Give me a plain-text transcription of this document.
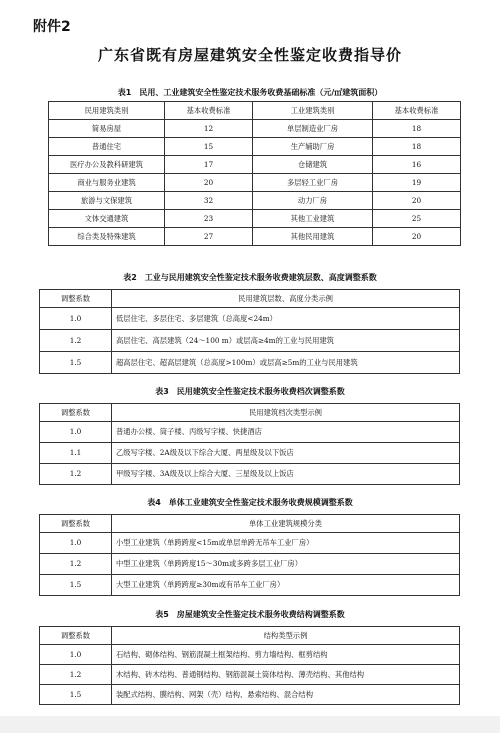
附件2
广东省既有房屋建筑安全性鉴定收费指导价
表1　民用、工业建筑安全性鉴定技术服务收费基础标准（元/㎡建筑面积）
民用建筑类别	基本收费标准	工业建筑类别	基本收费标准
简易房屋	12	单层制造业厂房	18
普通住宅	15	生产辅助厂房	18
医疗办公及教科研建筑	17	仓储建筑	16
商业与服务业建筑	20	多层轻工业厂房	19
旅游与文保建筑	32	动力厂房	20
文体交通建筑	23	其他工业建筑	25
综合类及特殊建筑	27	其他民用建筑	20
表2　工业与民用建筑安全性鉴定技术服务收费建筑层数、高度调整系数
调整系数	民用建筑层数、高度分类示例
1.0	低层住宅、多层住宅、多层建筑（总高度<24m）
1.2	高层住宅、高层建筑（24～100 m）或层高≥4m的工业与民用建筑
1.5	超高层住宅、超高层建筑（总高度>100m）或层高≥5m的工业与民用建筑
表3　民用建筑安全性鉴定技术服务收费档次调整系数
调整系数	民用建筑档次类型示例
1.0	普通办公楼、筒子楼、丙级写字楼、快捷酒店
1.1	乙级写字楼、2A级及以下综合大厦、两星级及以下饭店
1.2	甲级写字楼、3A级及以上综合大厦、三星级及以上饭店
表4　单体工业建筑安全性鉴定技术服务收费规模调整系数
调整系数	单体工业建筑规模分类
1.0	小型工业建筑（单跨跨度<15m或单层单跨无吊车工业厂房）
1.2	中型工业建筑（单跨跨度15～30m或多跨多层工业厂房）
1.5	大型工业建筑（单跨跨度≥30m或有吊车工业厂房）
表5　房屋建筑安全性鉴定技术服务收费结构调整系数
调整系数	结构类型示例
1.0	石结构、砌体结构、钢筋混凝土框架结构、剪力墙结构、框剪结构
1.2	木结构、砖木结构、普通钢结构、钢筋混凝土筒体结构、薄壳结构、其他结构
1.5	装配式结构、膜结构、网架（壳）结构、悬索结构、混合结构
